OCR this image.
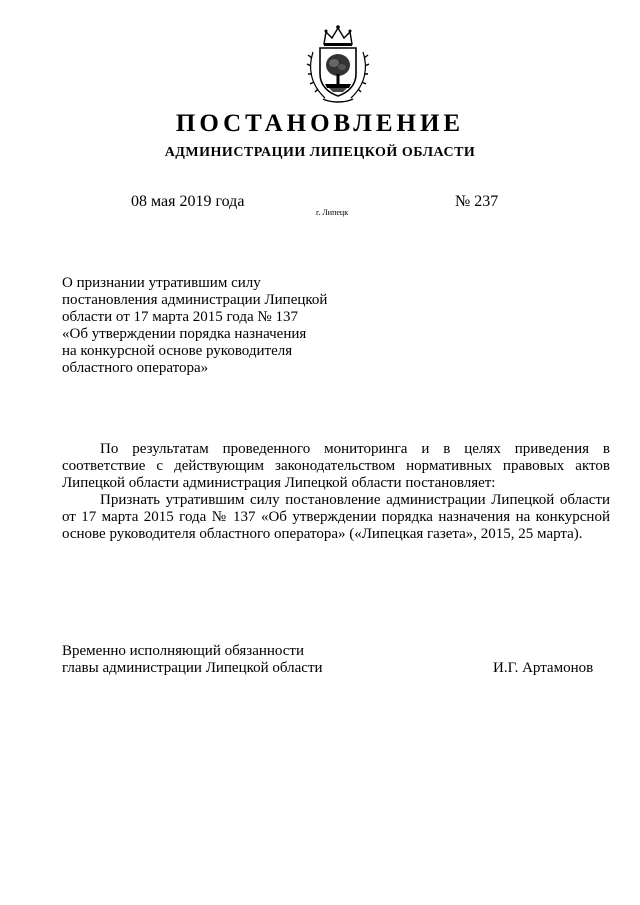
ПОСТАНОВЛЕНИЕ
АДМИНИСТРАЦИИ ЛИПЕЦКОЙ ОБЛАСТИ
08 мая 2019 года
г. Липецк
№ 237
О признании утратившим силу
постановления администрации Липецкой
области от 17 марта 2015 года № 137
«Об утверждении порядка назначения
на конкурсной основе руководителя
областного оператора»
По результатам проведенного мониторинга и в целях приведения в соответствие с действующим законодательством нормативных правовых актов Липецкой области администрация Липецкой области постановляет:
Признать утратившим силу постановление администрации Липецкой области от 17 марта 2015 года № 137 «Об утверждении порядка назначения на конкурсной основе руководителя областного оператора» («Липецкая газета», 2015, 25 марта).
Временно исполняющий обязанности
главы администрации Липецкой области	И.Г. Артамонов
